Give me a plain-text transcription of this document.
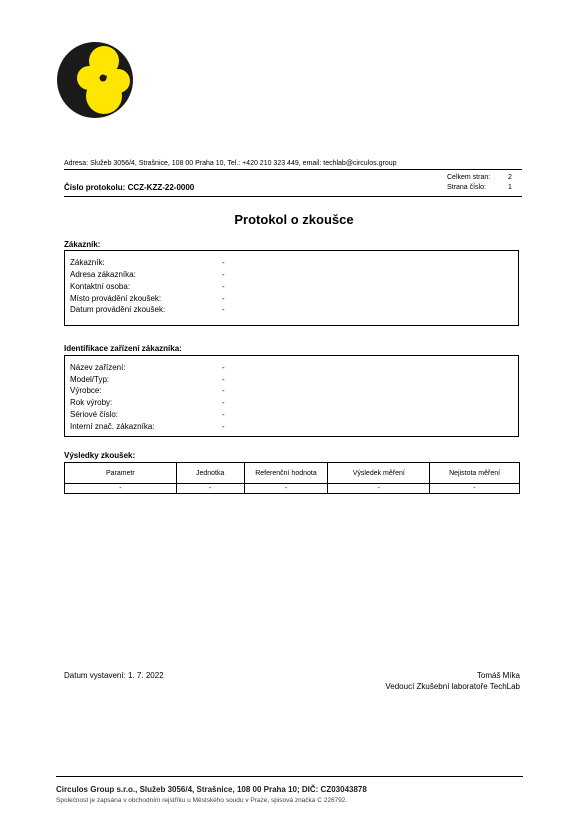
Adresa: Služeb 3056/4, Strašnice, 108 00 Praha 10, Tel.: +420 210 323 449, email: techlab@circulos.group
Celkem stran:	2
Strana číslo:	1
Číslo protokolu: CCZ-KZZ-22-0000
Protokol o zkoušce
Zákazník:
Zákazník:	-
Adresa zákazníka:	-
Kontaktní osoba:	-
Místo provádění zkoušek:	-
Datum provádění zkoušek:	-
Identifikace zařízení zákazníka:
Název zařízení:	-
Model/Typ:	-
Výrobce:	-
Rok výroby:	-
Sériové číslo:	-
Interní znač. zákazníka:	-
Výsledky zkoušek:
Parametr	Jednotka	Referenční hodnota	Výsledek měření	Nejistota měření
-	-	-	-	-
Datum vystavení: 1. 7. 2022	Tomáš Míka
Vedoucí Zkušební laboratoře TechLab
Circulos Group s.r.o., Služeb 3056/4, Strašnice, 108 00 Praha 10; DIČ: CZ03043878
Společnost je zapsána v obchodním rejstříku u Městského soudu v Praze, spisová značka C 226792.
